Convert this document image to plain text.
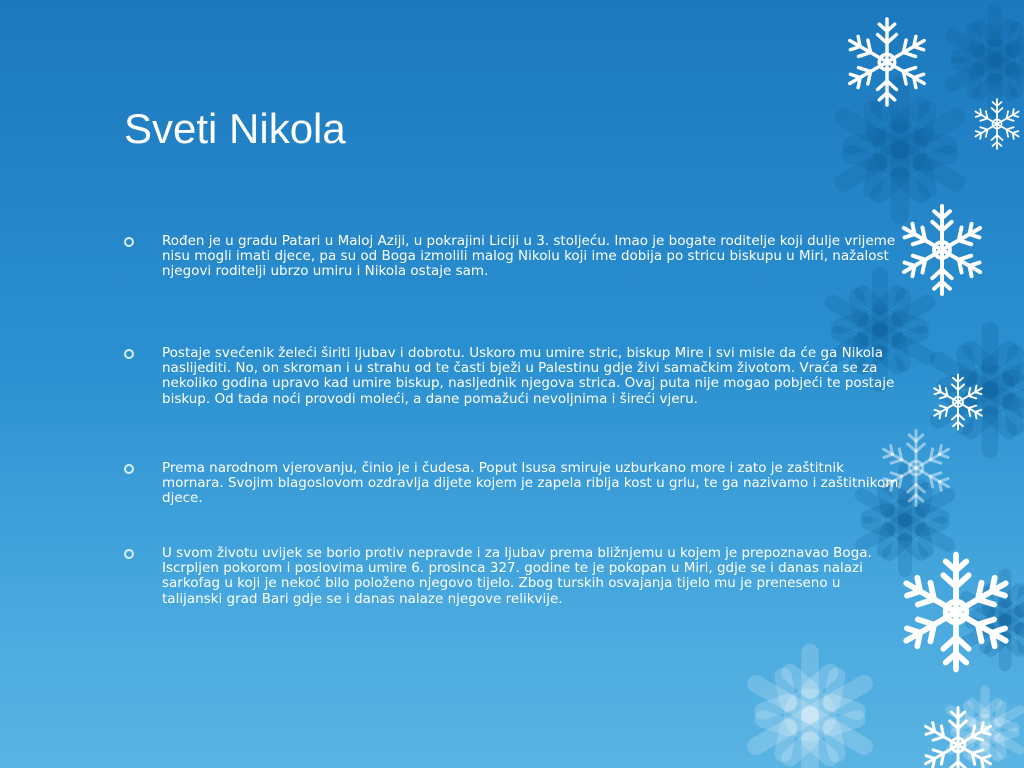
Sveti Nikola
Rođen je u gradu Patari u Maloj Aziji, u pokrajini Liciji u 3. stoljeću. Imao je bogate roditelje koji dulje vrijeme nisu mogli imati djece, pa su od Boga izmolili malog Nikolu koji ime dobija po stricu biskupu u Miri, nažalost njegovi roditelji ubrzo umiru i Nikola ostaje sam.
Postaje svećenik želeći širiti ljubav i dobrotu. Uskoro mu umire stric, biskup Mire i svi misle da će ga Nikola naslijediti. No, on skroman i u strahu od te časti bježi u Palestinu gdje živi samačkim životom. Vraća se za nekoliko godina upravo kad umire biskup, nasljednik njegova strica. Ovaj puta nije mogao pobjeći te postaje biskup. Od tada noći provodi moleći, a dane pomažući nevoljnima i šireći vjeru.
Prema narodnom vjerovanju, činio je i čudesa. Poput Isusa smiruje uzburkano more i zato je zaštitnik mornara. Svojim blagoslovom ozdravlja dijete kojem je zapela riblja kost u grlu, te ga nazivamo i zaštitnikom djece.
U svom životu uvijek se borio protiv nepravde i za ljubav prema bližnjemu u kojem je prepoznavao Boga. Iscrpljen pokorom i poslovima umire 6. prosinca 327. godine te je pokopan u Miri, gdje se i danas nalazi sarkofag u koji je nekoć bilo položeno njegovo tijelo. Zbog turskih osvajanja tijelo mu je preneseno u talijanski grad Bari gdje se i danas nalaze njegove relikvije.
